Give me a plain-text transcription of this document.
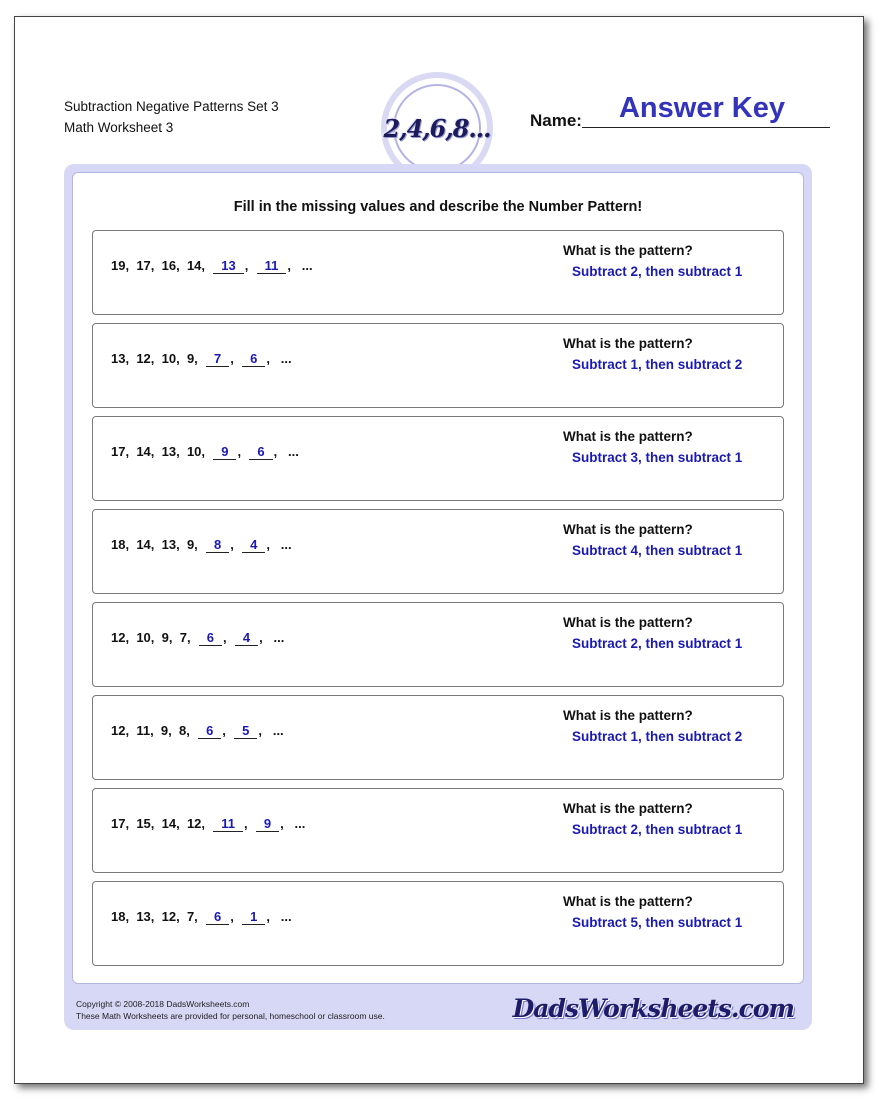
Subtraction Negative Patterns Set 3
Math Worksheet 3	2,4,6,8... Name:	Answer Key
Fill in the missing values and describe the Number Pattern!
19,  17,  16,  14,  13 ,  11 ,   ...
What is the pattern?
Subtract 2, then subtract 1
13,  12,  10,  9,  7 ,  6 ,   ...
What is the pattern?
Subtract 1, then subtract 2
17,  14,  13,  10,  9 ,  6 ,   ...
What is the pattern?
Subtract 3, then subtract 1
18,  14,  13,  9,  8 ,  4 ,   ...
What is the pattern?
Subtract 4, then subtract 1
12,  10,  9,  7,  6 ,  4 ,   ...
What is the pattern?
Subtract 2, then subtract 1
12,  11,  9,  8,  6 ,  5 ,   ...
What is the pattern?
Subtract 1, then subtract 2
17,  15,  14,  12,  11 ,  9 ,   ...
What is the pattern?
Subtract 2, then subtract 1
18,  13,  12,  7,  6 ,  1 ,   ...
What is the pattern?
Subtract 5, then subtract 1
Copyright © 2008-2018 DadsWorksheets.com
These Math Worksheets are provided for personal, homeschool or classroom use.	DadsWorksheets.com
